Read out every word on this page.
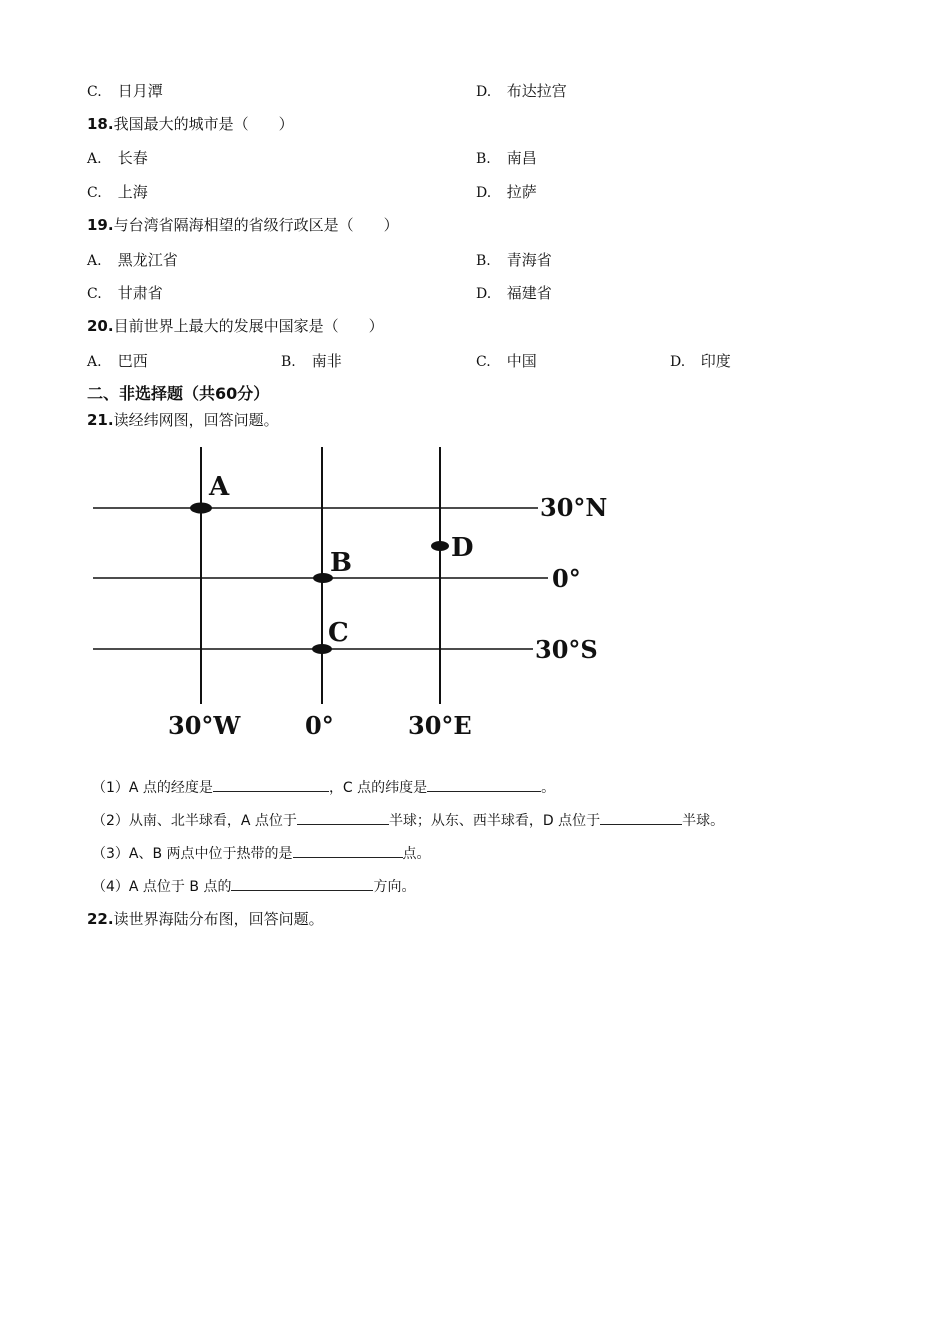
C. 日月潭	D. 布达拉宫
18.我国最大的城市是（　　）
A. 长春	B. 南昌
C. 上海	D. 拉萨
19.与台湾省隔海相望的省级行政区是（　　）
A. 黑龙江省	B. 青海省
C. 甘肃省	D. 福建省
20.目前世界上最大的发展中国家是（　　）
A. 巴西	B. 南非	C. 中国	D. 印度
二、非选择题（共60分）
21.读经纬网图，回答问题。
A
B
C
D
30°N
0°
30°S
30°W	0°	30°E
（1）A 点的经度是	，C 点的纬度是	。
（2）从南、北半球看，A 点位于	半球；从东、西半球看，D 点位于	半球。
（3）A、B 两点中位于热带的是	点。
（4）A 点位于 B 点的	方向。
22.读世界海陆分布图，回答问题。
